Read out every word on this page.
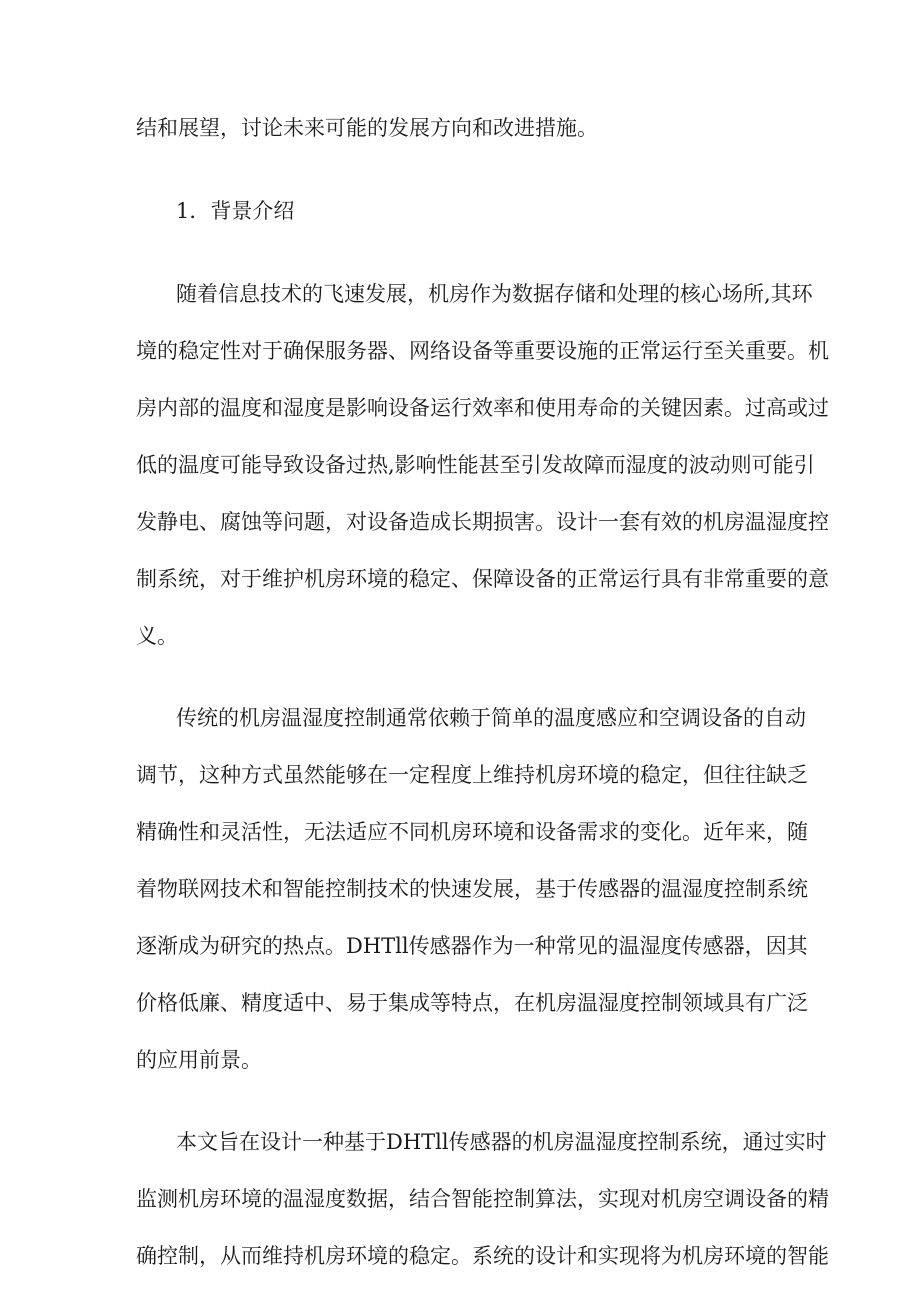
结和展望，讨论未来可能的发展方向和改进措施。

1．背景介绍

随着信息技术的飞速发展，机房作为数据存储和处理的核心场所,其环

境的稳定性对于确保服务器、网络设备等重要设施的正常运行至关重要。机

房内部的温度和湿度是影响设备运行效率和使用寿命的关键因素。过高或过

低的温度可能导致设备过热,影响性能甚至引发故障而湿度的波动则可能引

发静电、腐蚀等问题，对设备造成长期损害。设计一套有效的机房温湿度控

制系统，对于维护机房环境的稳定、保障设备的正常运行具有非常重要的意

义。

传统的机房温湿度控制通常依赖于简单的温度感应和空调设备的自动

调节，这种方式虽然能够在一定程度上维持机房环境的稳定，但往往缺乏

精确性和灵活性，无法适应不同机房环境和设备需求的变化。近年来，随

着物联网技术和智能控制技术的快速发展，基于传感器的温湿度控制系统

逐渐成为研究的热点。DHTll传感器作为一种常见的温湿度传感器，因其

价格低廉、精度适中、易于集成等特点，在机房温湿度控制领域具有广泛

的应用前景。

本文旨在设计一种基于DHTll传感器的机房温湿度控制系统，通过实时

监测机房环境的温湿度数据，结合智能控制算法，实现对机房空调设备的精

确控制，从而维持机房环境的稳定。系统的设计和实现将为机房环境的智能
